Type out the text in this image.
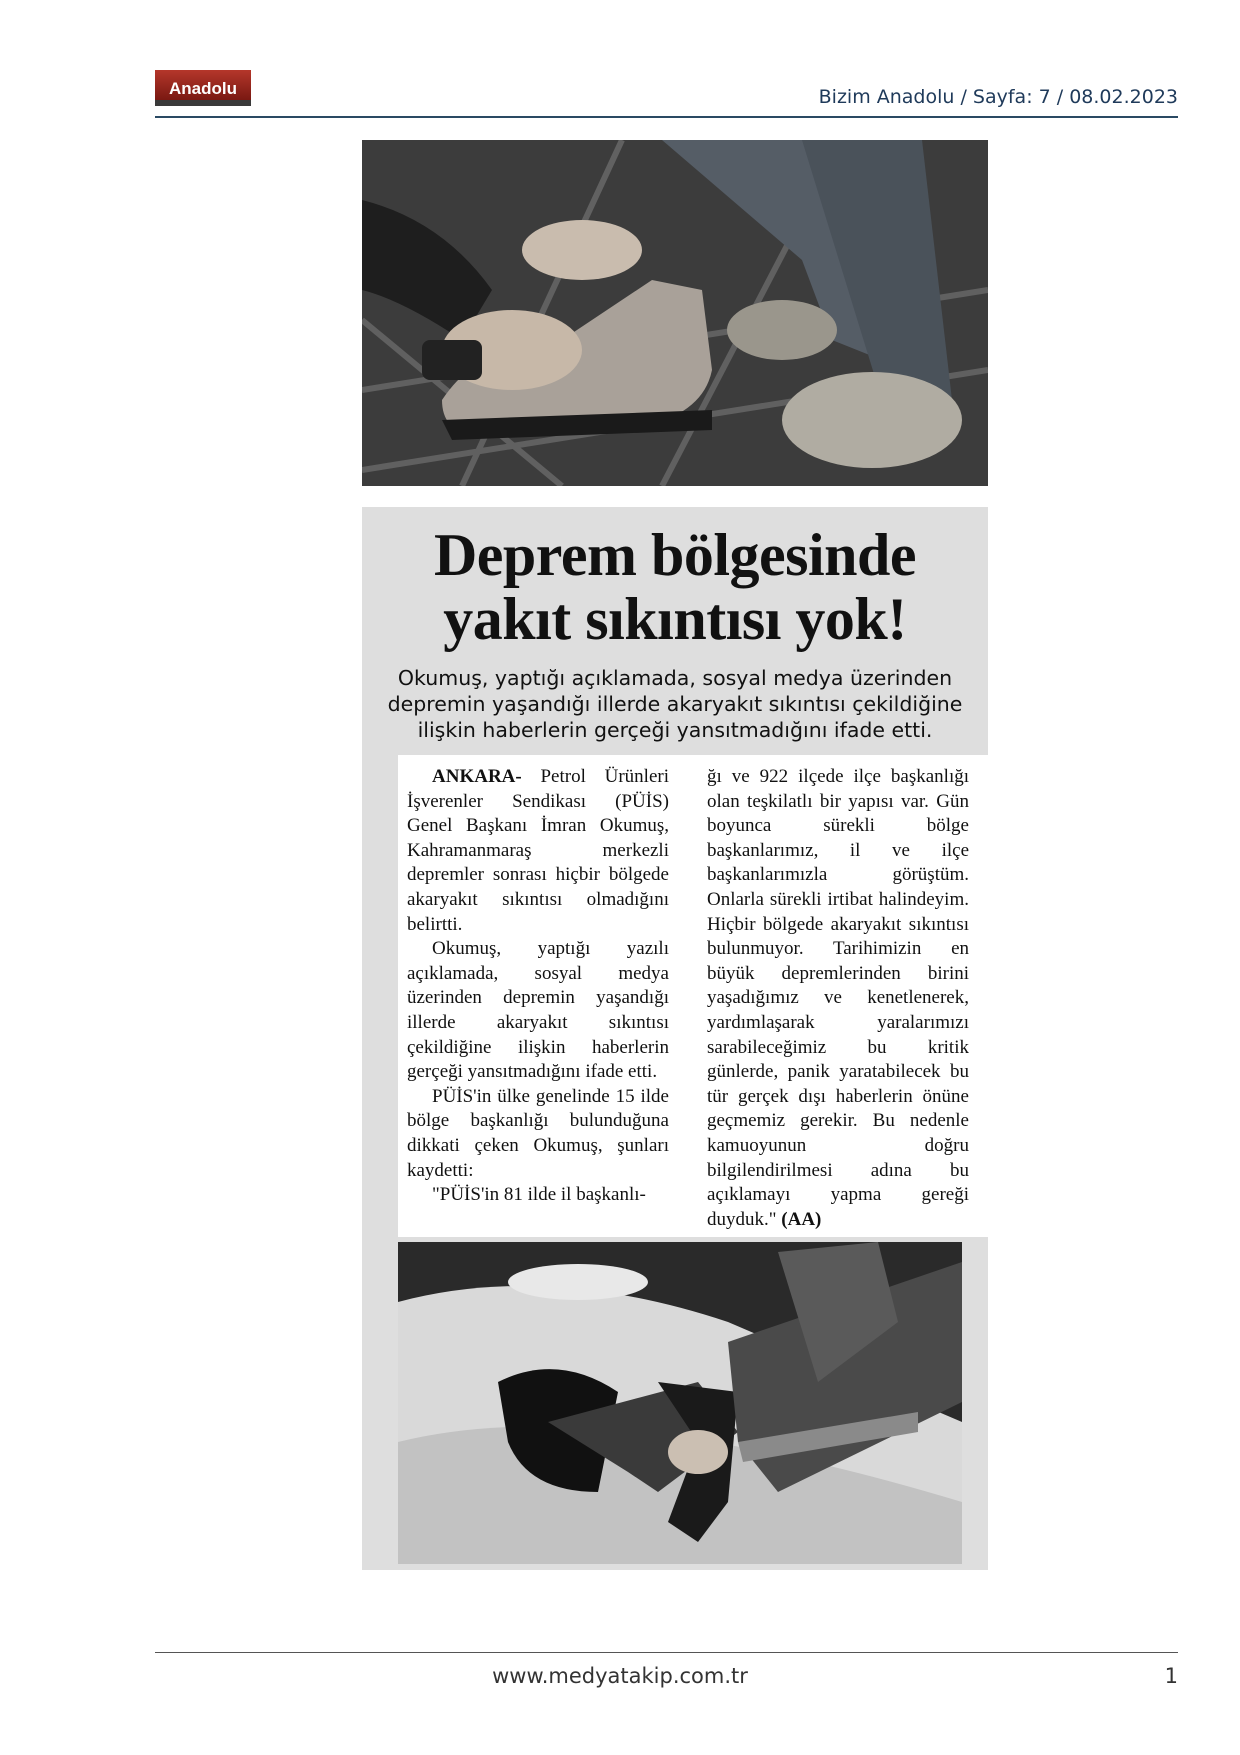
Anadolu	Bizim Anadolu / Sayfa: 7 / 08.02.2023
Deprem bölgesinde
yakıt sıkıntısı yok!
Okumuş, yaptığı açıklamada, sosyal medya üzerinden depremin yaşandığı illerde akaryakıt sıkıntısı çekildiğine ilişkin haberlerin gerçeği yansıtmadığını ifade etti.

ANKARA- Petrol Ürünleri İşverenler Sendikası (PÜİS) Genel Başkanı İmran Okumuş, Kahramanmaraş merkezli depremler sonrası hiçbir bölgede akaryakıt sıkıntısı olmadığını belirtti.

Okumuş, yaptığı yazılı açıklamada, sosyal medya üzerinden depremin yaşandığı illerde akaryakıt sıkıntısı çekildiğine ilişkin haberlerin gerçeği yansıtmadığını ifade etti.

PÜİS'in ülke genelinde 15 ilde bölge başkanlığı bulunduğuna dikkati çeken Okumuş, şunları kaydetti:

"PÜİS'in 81 ilde il başkanlı-

ğı ve 922 ilçede ilçe başkanlığı olan teşkilatlı bir yapısı var. Gün boyunca sürekli bölge başkanlarımız, il ve ilçe başkanlarımızla görüştüm. Onlarla sürekli irtibat halindeyim. Hiçbir bölgede akaryakıt sıkıntısı bulunmuyor. Tarihimizin en büyük depremlerinden birini yaşadığımız ve kenetlenerek, yardımlaşarak yaralarımızı sarabileceğimiz bu kritik günlerde, panik yaratabilecek bu tür gerçek dışı haberlerin önüne geçmemiz gerekir. Bu nedenle kamuoyunun doğru bilgilendirilmesi adına bu açıklamayı yapma gereği duyduk." (AA)

www.medyatakip.com.tr	1
